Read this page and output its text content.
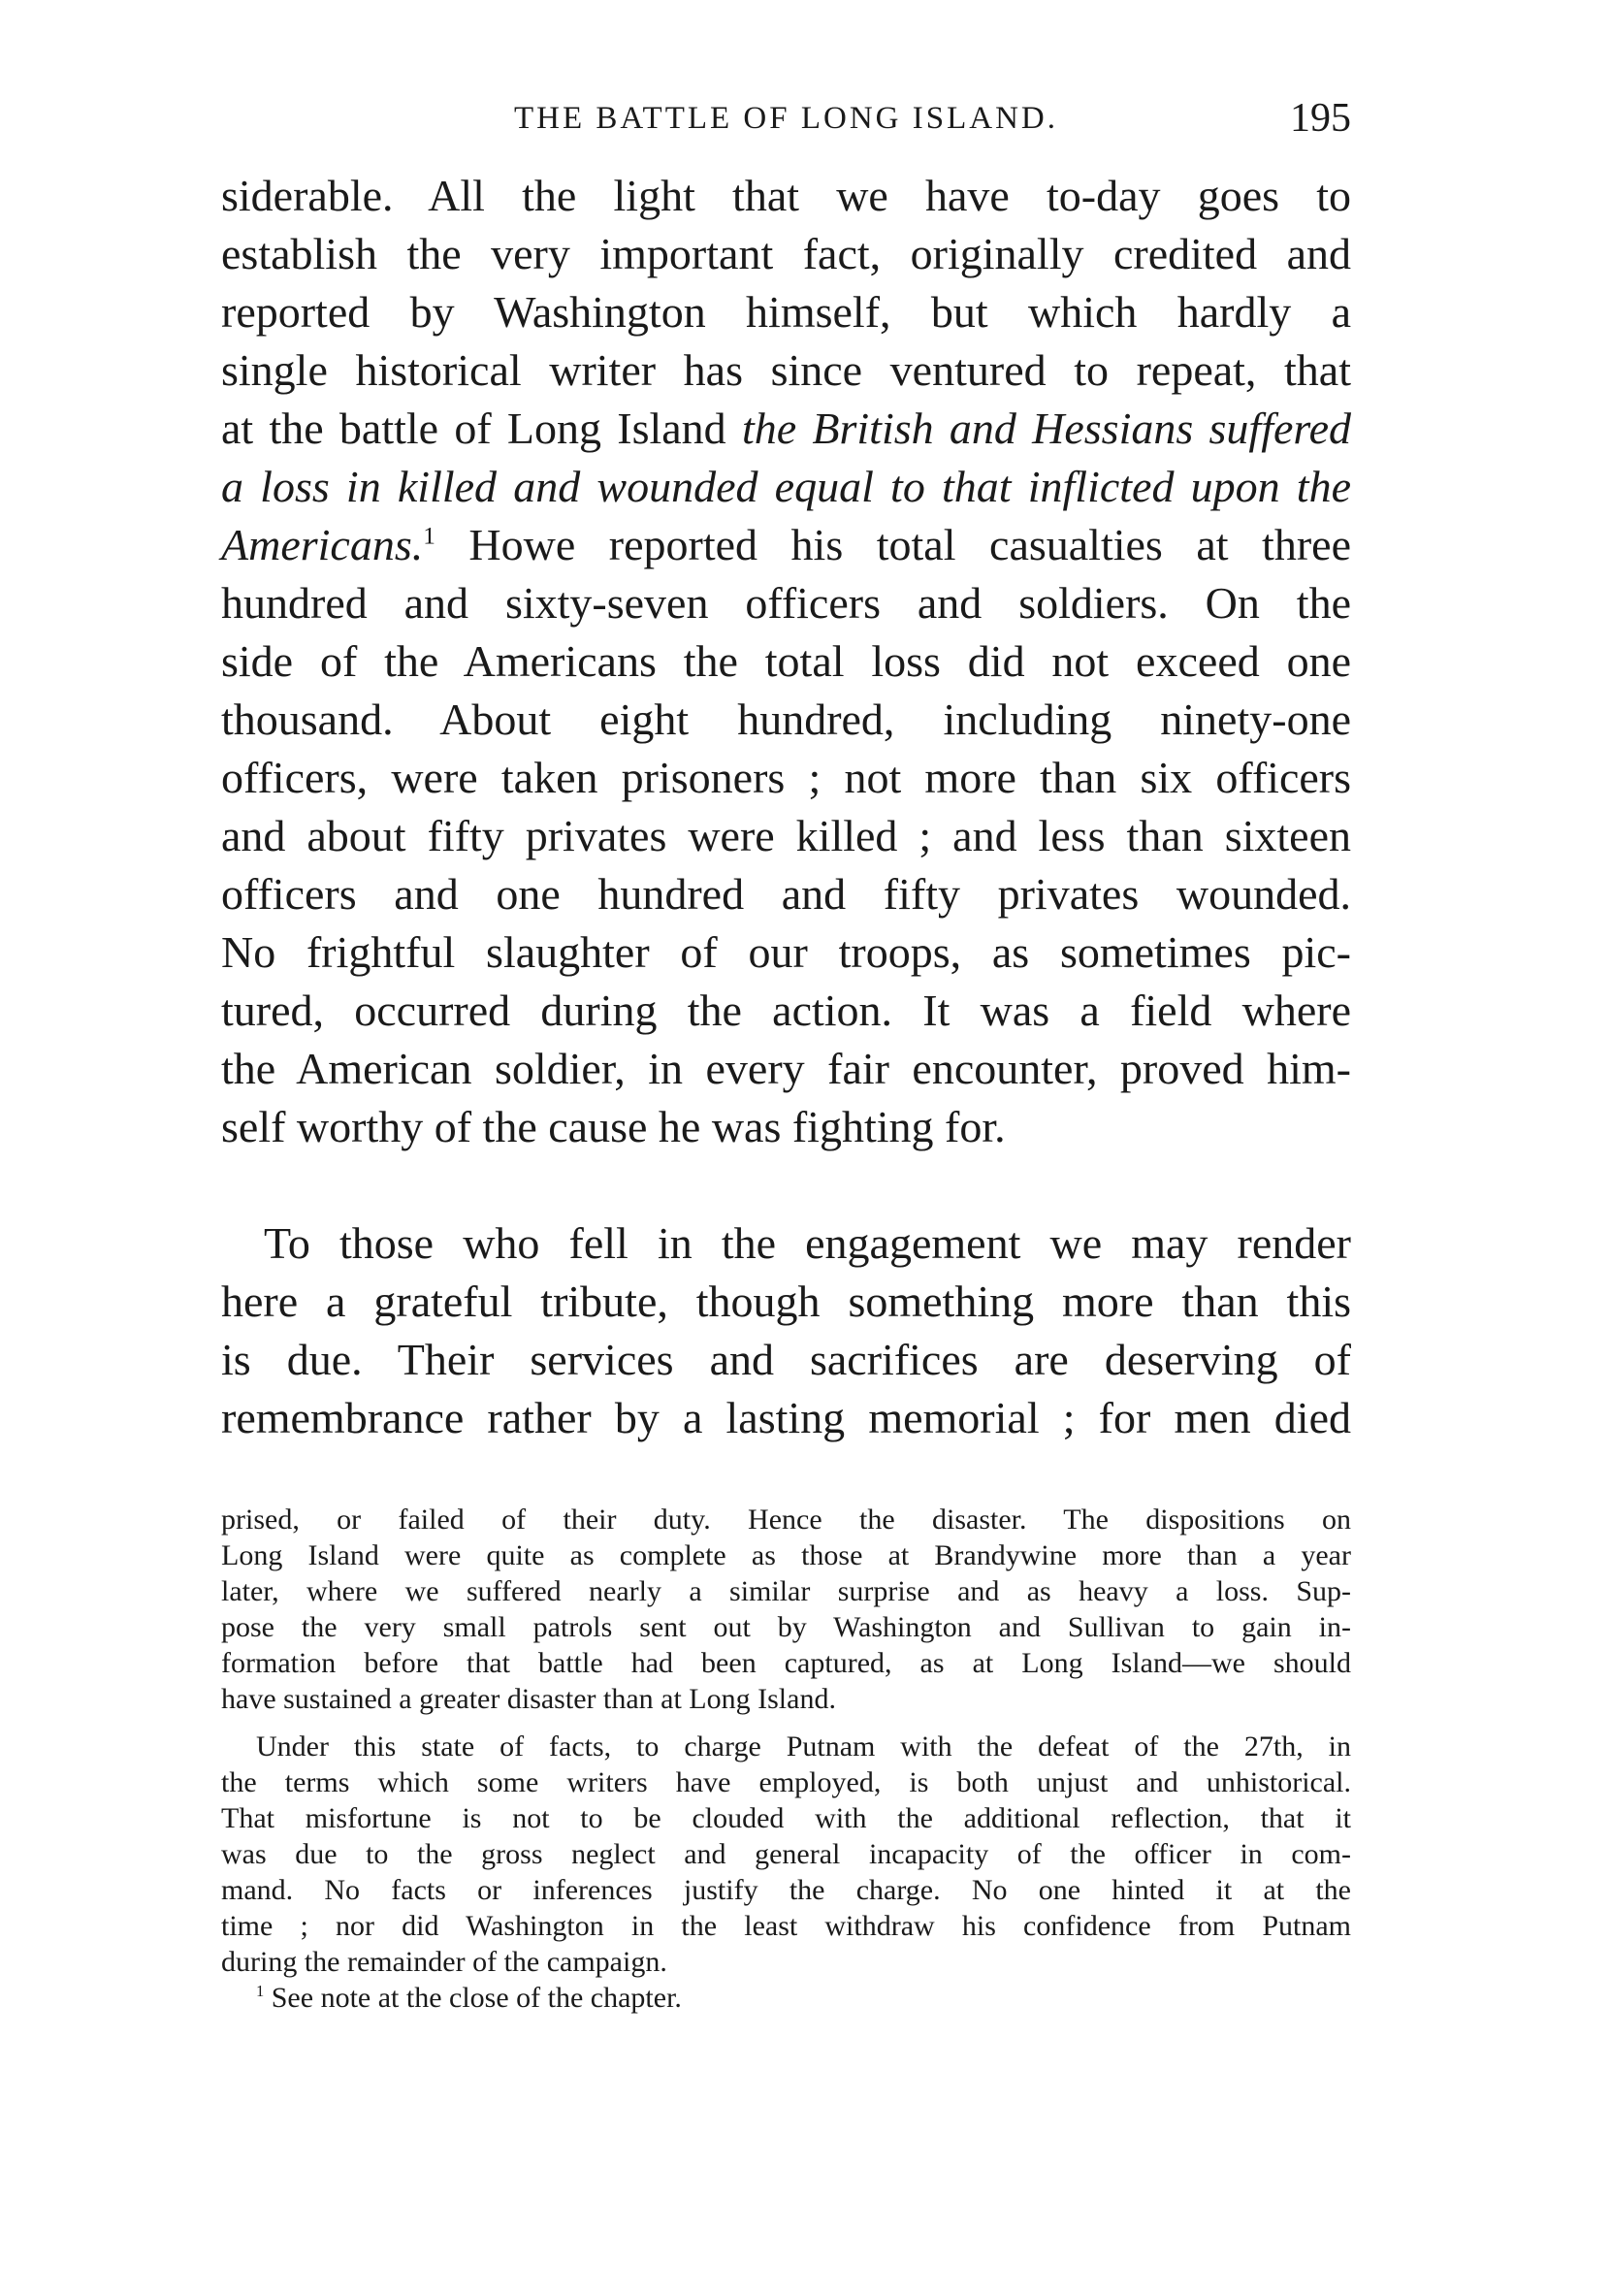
THE BATTLE OF LONG ISLAND.	195
siderable. All the light that we have to-day goes to
establish the very important fact, originally credited and
reported by Washington himself, but which hardly a
single historical writer has since ventured to repeat, that
at the battle of Long Island the British and Hessians suffered
a loss in killed and wounded equal to that inflicted upon the
Americans.$^1$ Howe reported his total casualties at three
hundred and sixty-seven officers and soldiers. On the
side of the Americans the total loss did not exceed one
thousand. About eight hundred, including ninety-one
officers, were taken prisoners ; not more than six officers
and about fifty privates were killed ; and less than sixteen
officers and one hundred and fifty privates wounded.
No frightful slaughter of our troops, as sometimes pic-
tured, occurred during the action. It was a field where
the American soldier, in every fair encounter, proved him-
self worthy of the cause he was fighting for.
To those who fell in the engagement we may render
here a grateful tribute, though something more than this
is due. Their services and sacrifices are deserving of
remembrance rather by a lasting memorial ; for men died
prised, or failed of their duty. Hence the disaster. The dispositions on
Long Island were quite as complete as those at Brandywine more than a year
later, where we suffered nearly a similar surprise and as heavy a loss. Sup-
pose the very small patrols sent out by Washington and Sullivan to gain in-
formation before that battle had been captured, as at Long Island—we should
have sustained a greater disaster than at Long Island.
Under this state of facts, to charge Putnam with the defeat of the 27th, in
the terms which some writers have employed, is both unjust and unhistorical.
That misfortune is not to be clouded with the additional reflection, that it
was due to the gross neglect and general incapacity of the officer in com-
mand. No facts or inferences justify the charge. No one hinted it at the
time ; nor did Washington in the least withdraw his confidence from Putnam
during the remainder of the campaign.
$^1$ See note at the close of the chapter.
